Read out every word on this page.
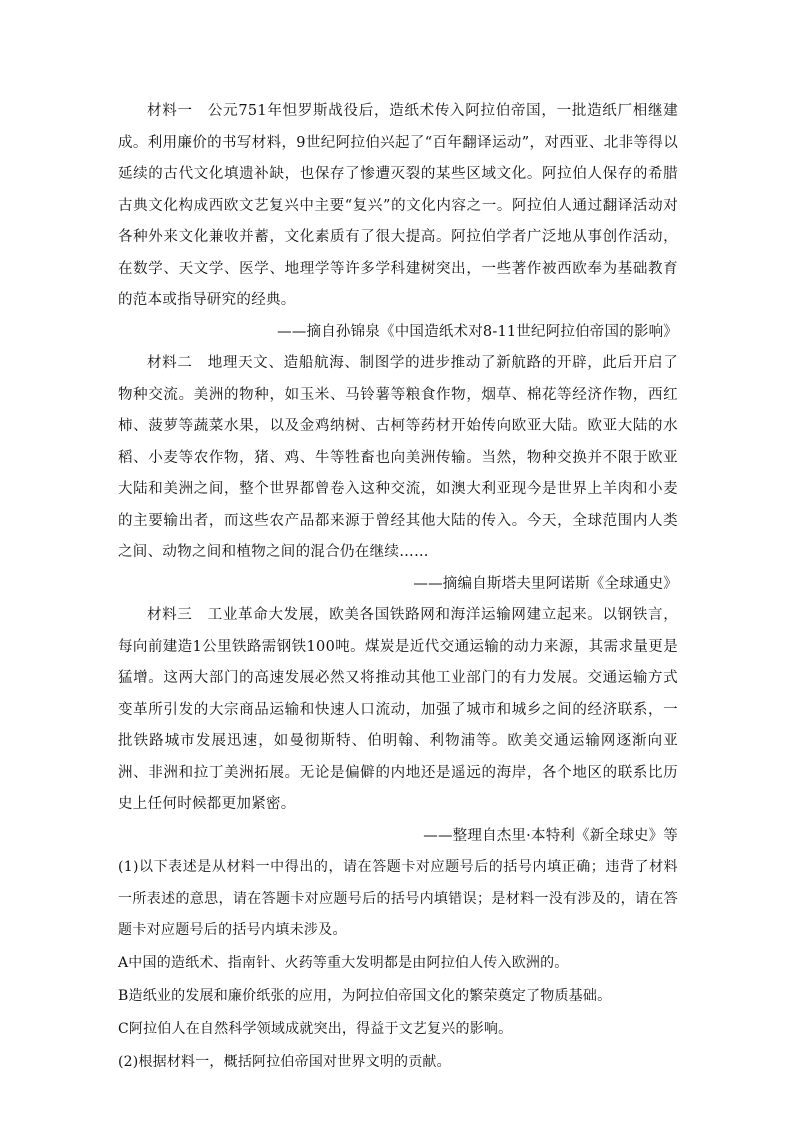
材料一　 公元751年怛罗斯战役后，造纸术传入阿拉伯帝国，一批造纸厂相继建成。利用廉价的书写材料，9世纪阿拉伯兴起了“百年翻译运动”，对西亚、北非等得以延续的古代文化填遗补缺，也保存了惨遭灭裂的某些区域文化。阿拉伯人保存的希腊古典文化构成西欧文艺复兴中主要“复兴”的文化内容之一。阿拉伯人通过翻译活动对各种外来文化兼收并蓄，文化素质有了很大提高。阿拉伯学者广泛地从事创作活动，在数学、天文学、医学、地理学等许多学科建树突出，一些著作被西欧奉为基础教育的范本或指导研究的经典。

——摘自孙锦泉《中国造纸术对8-11世纪阿拉伯帝国的影响》

材料二　 地理天文、造船航海、制图学的进步推动了新航路的开辟，此后开启了物种交流。美洲的物种，如玉米、马铃薯等粮食作物，烟草、棉花等经济作物，西红柿、菠萝等蔬菜水果，以及金鸡纳树、古柯等药材开始传向欧亚大陆。欧亚大陆的水稻、小麦等农作物，猪、鸡、牛等牲畜也向美洲传输。当然，物种交换并不限于欧亚大陆和美洲之间，整个世界都曾卷入这种交流，如澳大利亚现今是世界上羊肉和小麦的主要输出者，而这些农产品都来源于曾经其他大陆的传入。今天，全球范围内人类之间、动物之间和植物之间的混合仍在继续……

——摘编自斯塔夫里阿诺斯《全球通史》

材料三　 工业革命大发展，欧美各国铁路网和海洋运输网建立起来。以钢铁言，每向前建造1公里铁路需钢铁100吨。煤炭是近代交通运输的动力来源，其需求量更是猛增。这两大部门的高速发展必然又将推动其他工业部门的有力发展。交通运输方式变革所引发的大宗商品运输和快速人口流动，加强了城市和城乡之间的经济联系，一批铁路城市发展迅速，如曼彻斯特、伯明翰、利物浦等。欧美交通运输网逐渐向亚洲、非洲和拉丁美洲拓展。无论是偏僻的内地还是遥远的海岸，各个地区的联系比历史上任何时候都更加紧密。

——整理自杰里·本特利《新全球史》等

(1)以下表述是从材料一中得出的，请在答题卡对应题号后的括号内填正确；违背了材料一所表述的意思，请在答题卡对应题号后的括号内填错误；是材料一没有涉及的，请在答题卡对应题号后的括号内填未涉及。

A中国的造纸术、指南针、火药等重大发明都是由阿拉伯人传入欧洲的。

B造纸业的发展和廉价纸张的应用，为阿拉伯帝国文化的繁荣奠定了物质基础。

C阿拉伯人在自然科学领域成就突出，得益于文艺复兴的影响。

(2)根据材料一，概括阿拉伯帝国对世界文明的贡献。
